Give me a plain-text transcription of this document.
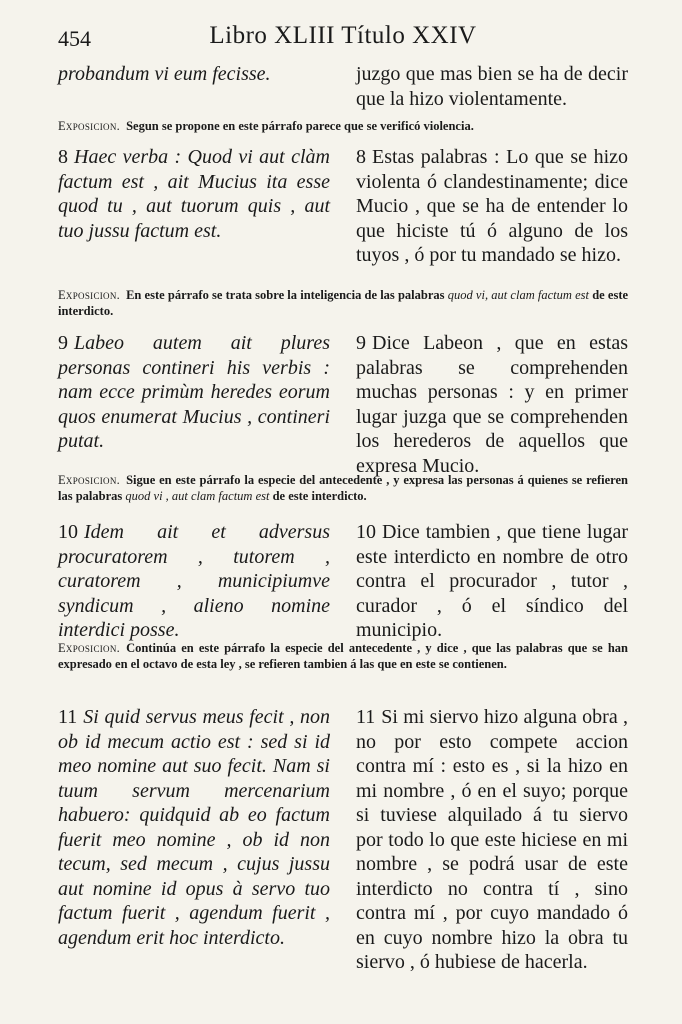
454	Libro XLIII Título XXIV
probandum vi eum fecisse.	juzgo que mas bien se ha de decir que la hizo violentamente.
Exposicion. Segun se propone en este párrafo parece que se verificó violencia.
8 Haec verba : Quod vi aut clàm factum est , ait Mucius ita esse quod tu , aut tuorum quis , aut tuo jussu factum est.
8 Estas palabras : Lo que se hizo violenta ó clandestinamente; dice Mucio , que se ha de entender lo que hiciste tú ó alguno de los tuyos , ó por tu mandado se hizo.
Exposicion. En este párrafo se trata sobre la inteligencia de las palabras quod vi, aut clam factum est de este interdicto.
9 Labeo autem ait plures personas contineri his verbis : nam ecce primùm heredes eorum quos enumerat Mucius , contineri putat.
9 Dice Labeon , que en estas palabras se comprehenden muchas personas : y en primer lugar juzga que se comprehenden los herederos de aquellos que expresa Mucio.
Exposicion. Sigue en este párrafo la especie del antecedente , y expresa las personas á quienes se refieren las palabras quod vi , aut clam factum est de este interdicto.
10 Idem ait et adversus procuratorem , tutorem , curatorem , municipiumve syndicum , alieno nomine interdici posse.
10 Dice tambien , que tiene lugar este interdicto en nombre de otro contra el procurador , tutor , curador , ó el síndico del municipio.
Exposicion. Continúa en este párrafo la especie del antecedente , y dice , que las palabras que se han expresado en el octavo de esta ley , se refieren tambien á las que en este se contienen.
11 Si quid servus meus fecit , non ob id mecum actio est : sed si id meo nomine aut suo fecit. Nam si tuum servum mercenarium habuero: quidquid ab eo factum fuerit meo nomine , ob id non tecum, sed mecum , cujus jussu aut nomine id opus à servo tuo factum fuerit , agendum fuerit , agendum erit hoc interdicto.
11 Si mi siervo hizo alguna obra , no por esto compete accion contra mí : esto es , si la hizo en mi nombre , ó en el suyo; porque si tuviese alquilado á tu siervo por todo lo que este hiciese en mi nombre , se podrá usar de este interdicto no contra tí , sino contra mí , por cuyo mandado ó en cuyo nombre hizo la obra tu siervo , ó hubiese de hacerla.
